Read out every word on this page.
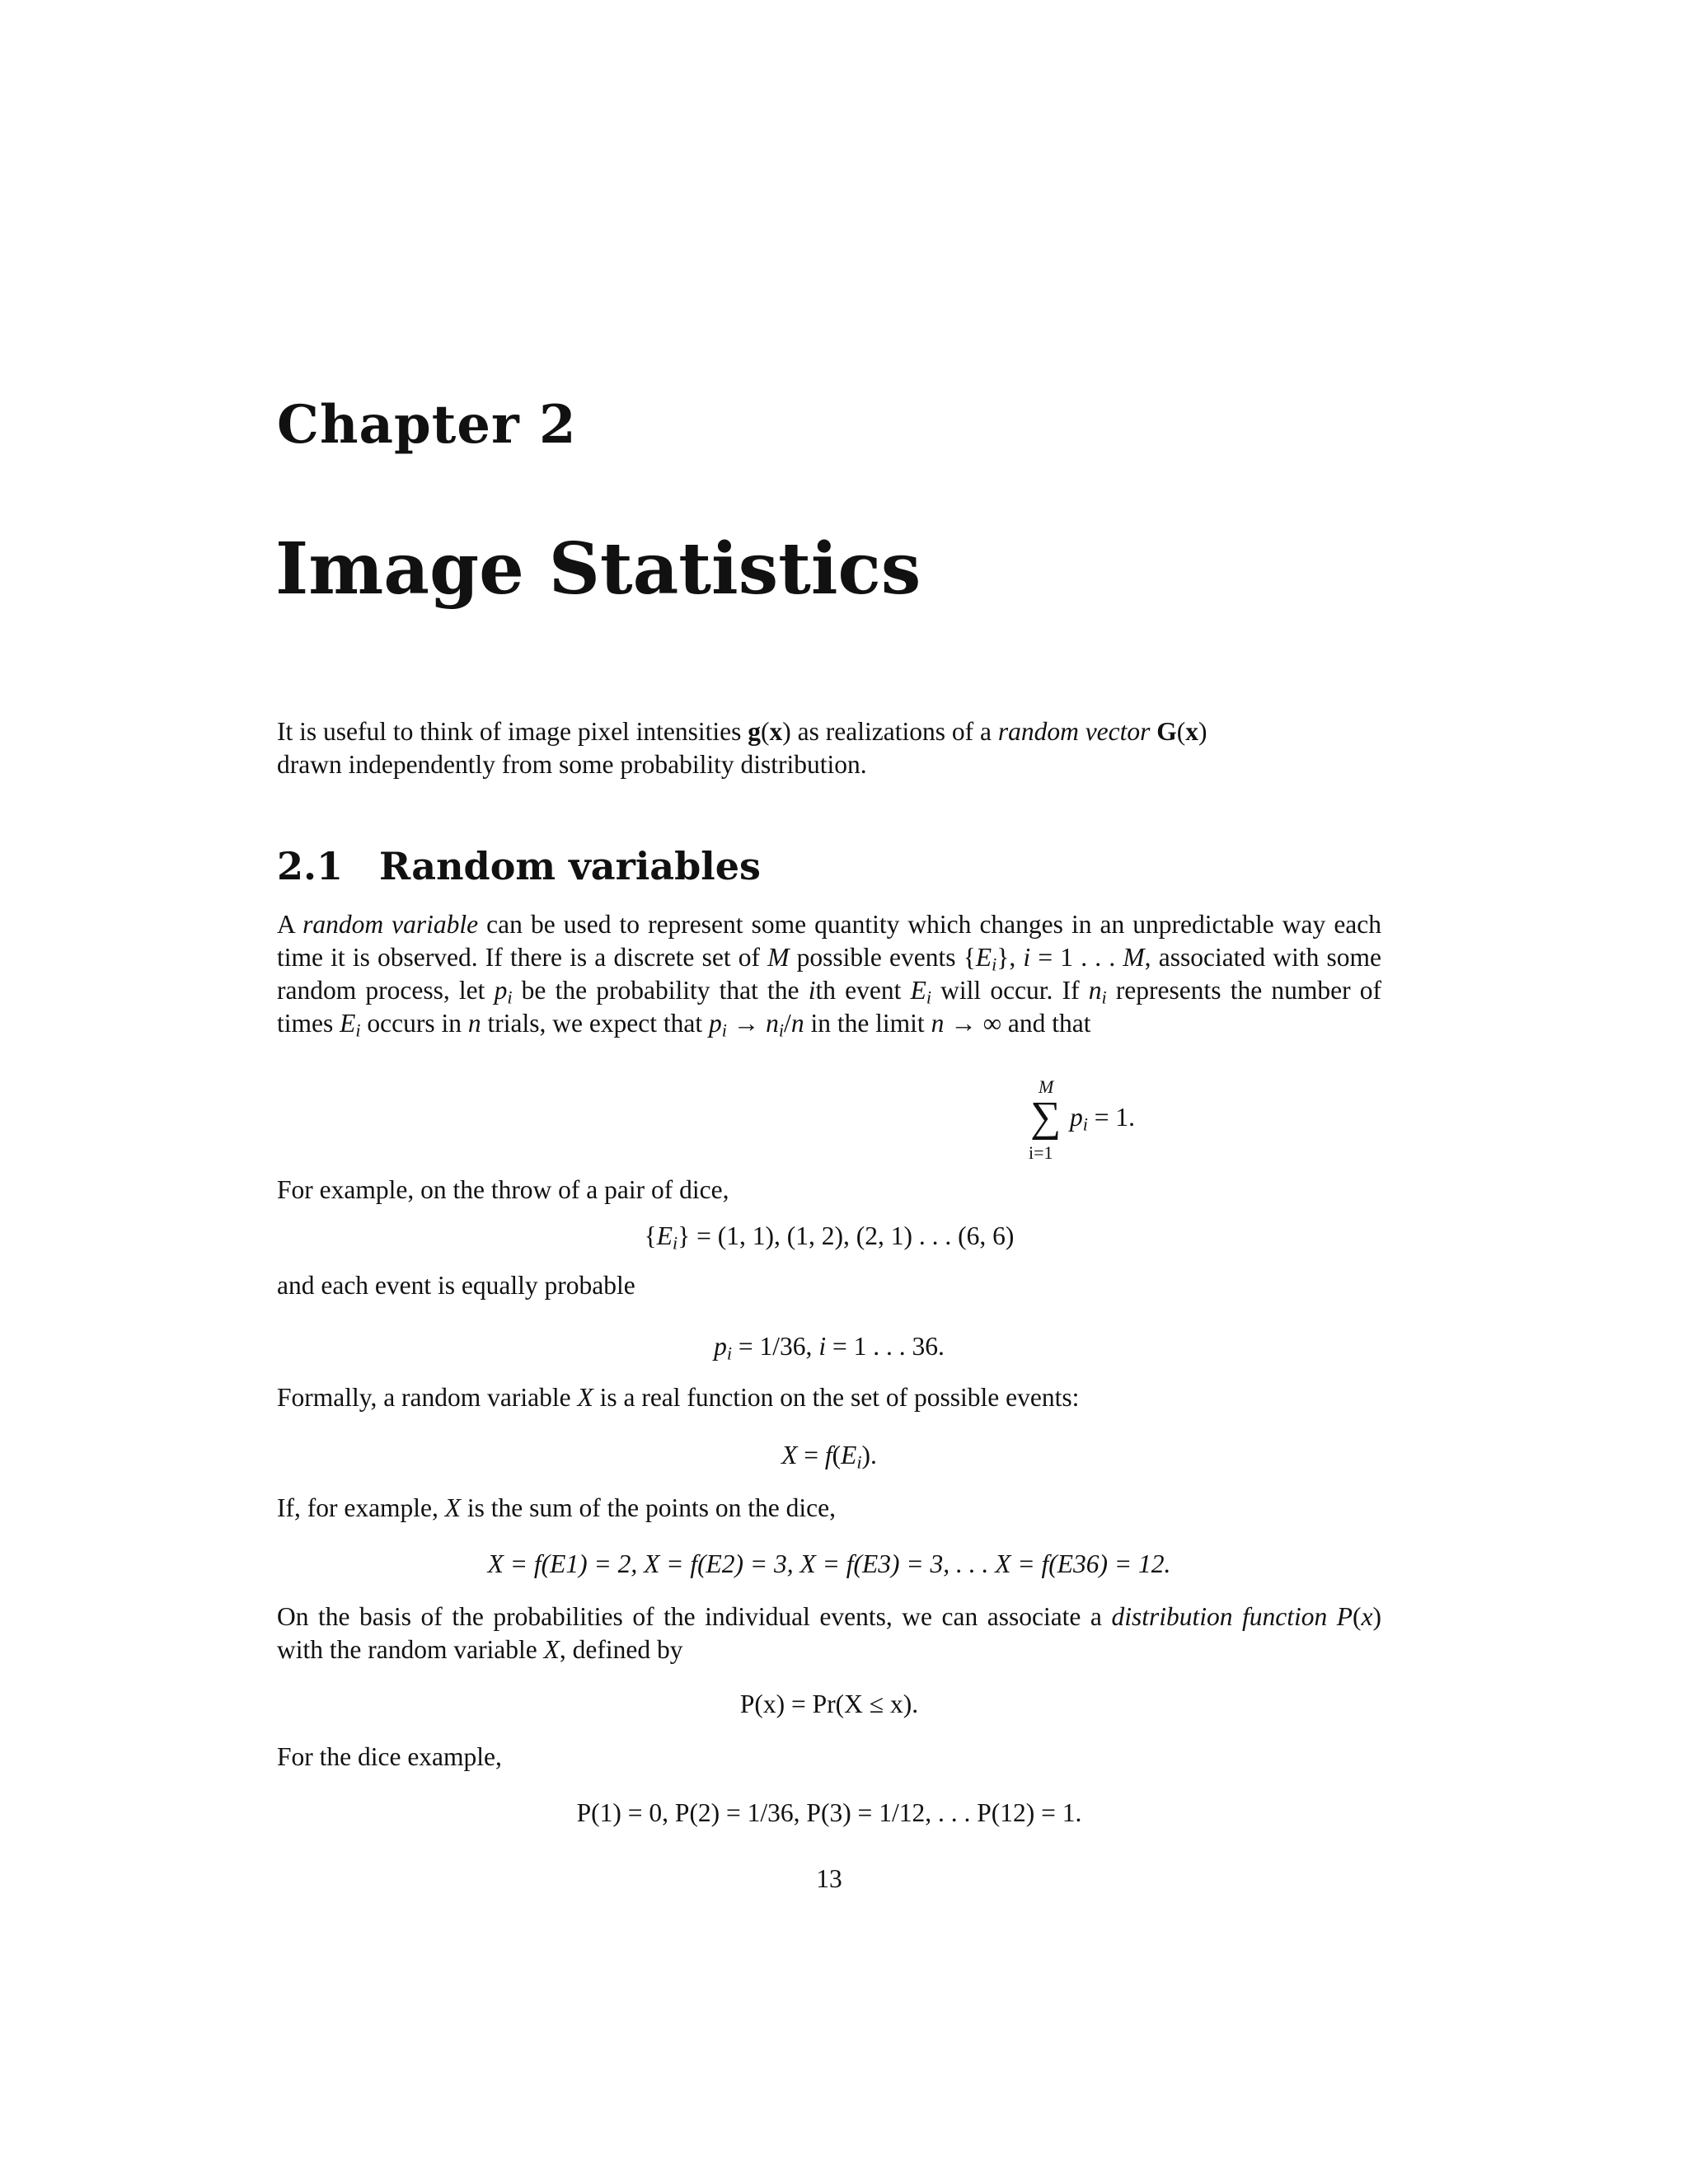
Chapter 2
Image Statistics
It is useful to think of image pixel intensities g(x) as realizations of a random vector G(x)
drawn independently from some probability distribution.
2.1 Random variables
A random variable can be used to represent some quantity which changes in an unpredictable way each time it is observed. If there is a discrete set of M possible events $\{E_i\}$, i = 1 . . . M, associated with some random process, let $p_i$ be the probability that the ith event $E_i$ will occur. If $n_i$ represents the number of times $E_i$ occurs in n trials, we expect that $p_i \to n_i/n$ in the limit n → ∞ and that
M
∑
i=1
$p_i = 1$.
For example, on the throw of a pair of dice,
$\{E_i\} = (1$, 1), (1, 2), (2, 1) . . . (6, 6)
and each event is equally probable
$p_i = 1/36$, i = 1 . . . 36.
Formally, a random variable X is a real function on the set of possible events:
$X = f(E_i)$.
If, for example, X is the sum of the points on the dice,
X = f(E1) = 2, X = f(E2) = 3, X = f(E3) = 3, . . . X = f(E36) = 12.
On the basis of the probabilities of the individual events, we can associate a distribution function P(x) with the random variable X, defined by
P(x) = Pr(X ≤ x).
For the dice example,
P(1) = 0, P(2) = 1/36, P(3) = 1/12, . . . P(12) = 1.
13
